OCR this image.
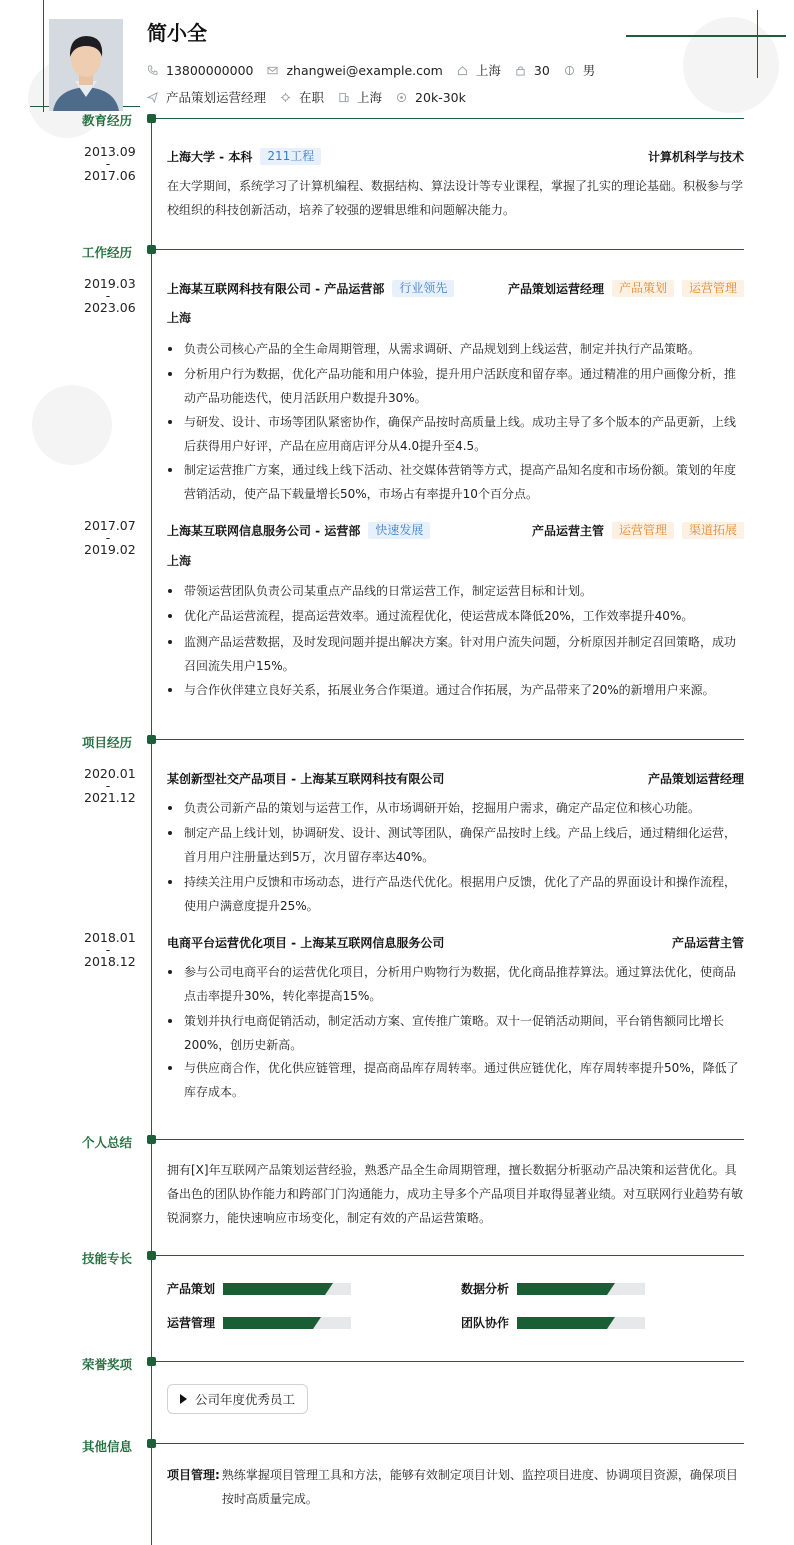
简小全
13800000000	zhangwei@example.com	上海	30	男
产品策划运营经理	在职	上海	20k-30k
教育经历
2013.09
-
2017.06
上海大学 - 本科	211工程	计算机科学与技术
在大学期间，系统学习了计算机编程、数据结构、算法设计等专业课程，掌握了扎实的理论基础。积极参与学校组织的科技创新活动，培养了较强的逻辑思维和问题解决能力。
工作经历
2019.03
-
2023.06
上海某互联网科技有限公司 - 产品运营部	行业领先	产品策划运营经理	产品策划	运营管理
上海
负责公司核心产品的全生命周期管理，从需求调研、产品规划到上线运营，制定并执行产品策略。
分析用户行为数据，优化产品功能和用户体验，提升用户活跃度和留存率。通过精准的用户画像分析，推动产品功能迭代，使月活跃用户数提升30%。
与研发、设计、市场等团队紧密协作，确保产品按时高质量上线。成功主导了多个版本的产品更新，上线后获得用户好评，产品在应用商店评分从4.0提升至4.5。
制定运营推广方案，通过线上线下活动、社交媒体营销等方式，提高产品知名度和市场份额。策划的年度营销活动，使产品下载量增长50%，市场占有率提升10个百分点。
2017.07
-
2019.02
上海某互联网信息服务公司 - 运营部	快速发展	产品运营主管	运营管理	渠道拓展
上海
带领运营团队负责公司某重点产品线的日常运营工作，制定运营目标和计划。
优化产品运营流程，提高运营效率。通过流程优化，使运营成本降低20%，工作效率提升40%。
监测产品运营数据，及时发现问题并提出解决方案。针对用户流失问题，分析原因并制定召回策略，成功召回流失用户15%。
与合作伙伴建立良好关系，拓展业务合作渠道。通过合作拓展，为产品带来了20%的新增用户来源。
项目经历
2020.01
-
2021.12
某创新型社交产品项目 - 上海某互联网科技有限公司	产品策划运营经理
负责公司新产品的策划与运营工作，从市场调研开始，挖掘用户需求，确定产品定位和核心功能。
制定产品上线计划，协调研发、设计、测试等团队，确保产品按时上线。产品上线后，通过精细化运营，首月用户注册量达到5万，次月留存率达40%。
持续关注用户反馈和市场动态，进行产品迭代优化。根据用户反馈，优化了产品的界面设计和操作流程，使用户满意度提升25%。
2018.01
-
2018.12
电商平台运营优化项目 - 上海某互联网信息服务公司	产品运营主管
参与公司电商平台的运营优化项目，分析用户购物行为数据，优化商品推荐算法。通过算法优化，使商品点击率提升30%，转化率提高15%。
策划并执行电商促销活动，制定活动方案、宣传推广策略。双十一促销活动期间，平台销售额同比增长200%，创历史新高。
与供应商合作，优化供应链管理，提高商品库存周转率。通过供应链优化，库存周转率提升50%，降低了库存成本。
个人总结
拥有[X]年互联网产品策划运营经验，熟悉产品全生命周期管理，擅长数据分析驱动产品决策和运营优化。具备出色的团队协作能力和跨部门门沟通能力，成功主导多个产品项目并取得显著业绩。对互联网行业趋势有敏锐洞察力，能快速响应市场变化，制定有效的产品运营策略。
技能专长
产品策划	数据分析
运营管理	团队协作
荣誉奖项
公司年度优秀员工
其他信息
项目管理: 熟练掌握项目管理工具和方法，能够有效制定项目计划、监控项目进度、协调项目资源，确保项目按时高质量完成。
